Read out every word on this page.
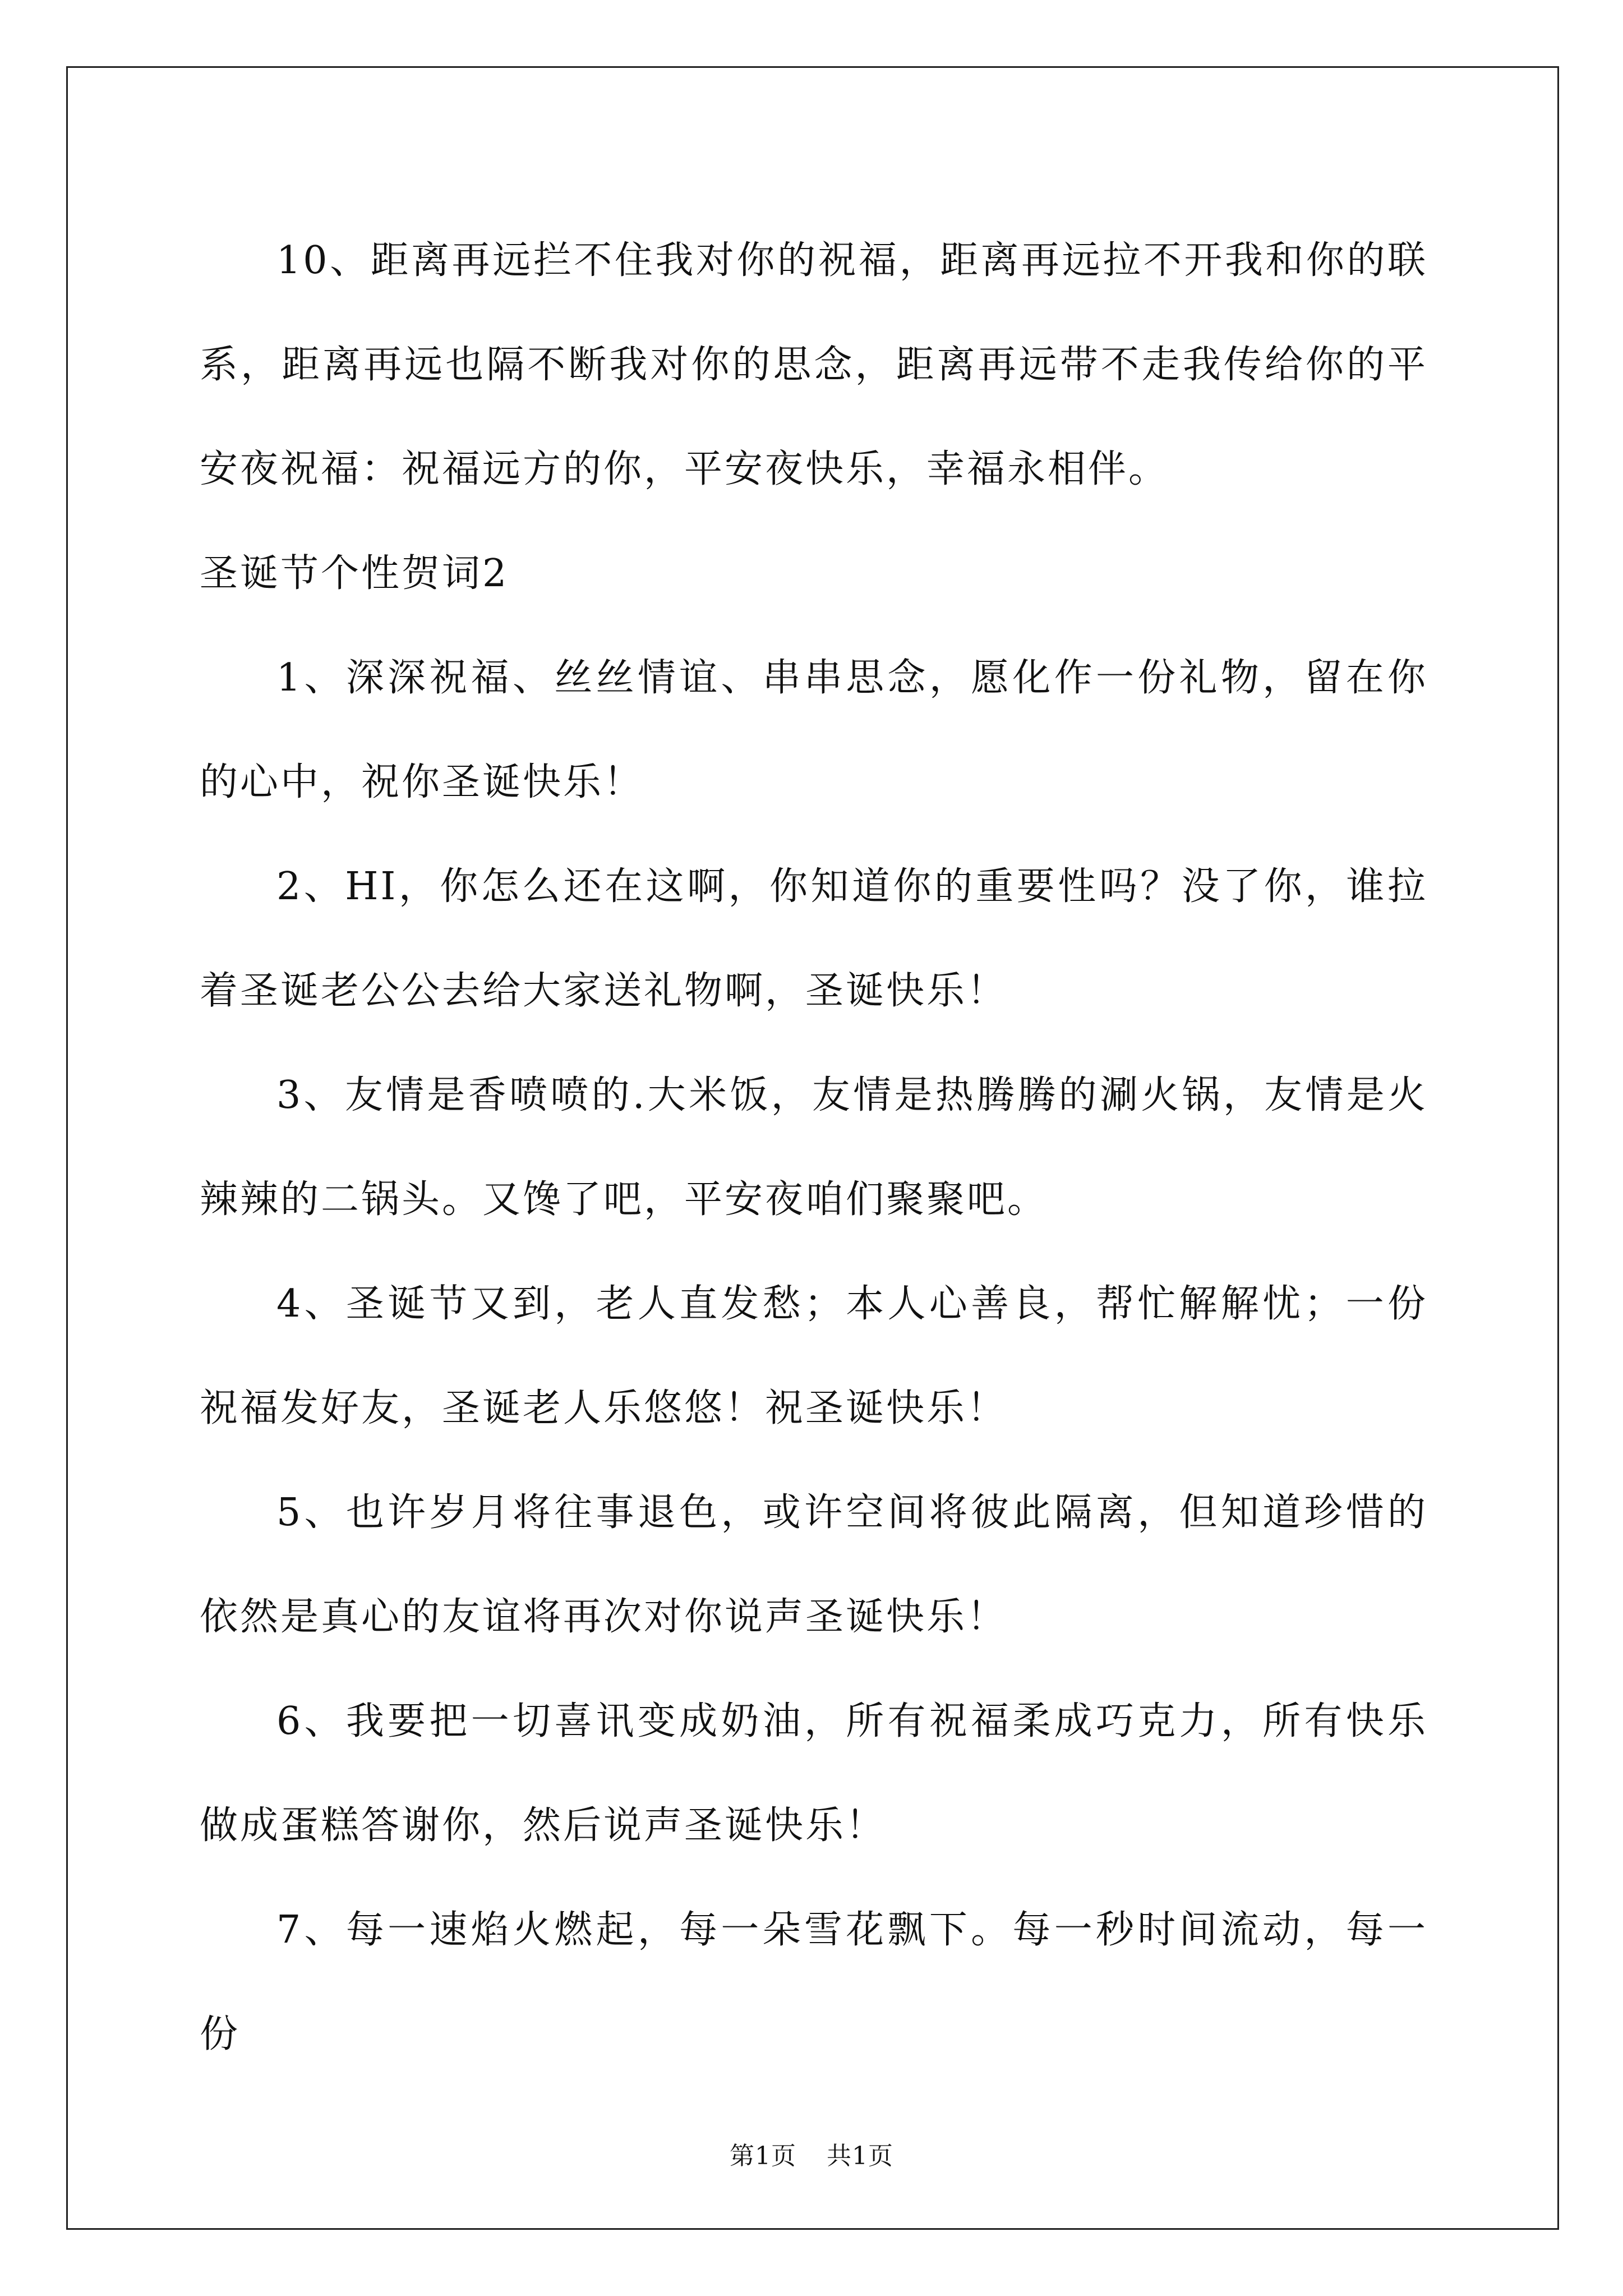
10、距离再远拦不住我对你的祝福，距离再远拉不开我和你的联系，距离再远也隔不断我对你的思念，距离再远带不走我传给你的平安夜祝福：祝福远方的你，平安夜快乐，幸福永相伴。

圣诞节个性贺词2

1、深深祝福、丝丝情谊、串串思念，愿化作一份礼物，留在你的心中，祝你圣诞快乐！

2、HI，你怎么还在这啊，你知道你的重要性吗？没了你，谁拉着圣诞老公公去给大家送礼物啊，圣诞快乐！

3、友情是香喷喷的.大米饭，友情是热腾腾的涮火锅，友情是火辣辣的二锅头。又馋了吧，平安夜咱们聚聚吧。

4、圣诞节又到，老人直发愁；本人心善良，帮忙解解忧；一份祝福发好友，圣诞老人乐悠悠！祝圣诞快乐！

5、也许岁月将往事退色，或许空间将彼此隔离，但知道珍惜的依然是真心的友谊将再次对你说声圣诞快乐！

6、我要把一切喜讯变成奶油，所有祝福柔成巧克力，所有快乐做成蛋糕答谢你，然后说声圣诞快乐！

7、每一速焰火燃起，每一朵雪花飘下。每一秒时间流动，每一份

第1页 共1页
